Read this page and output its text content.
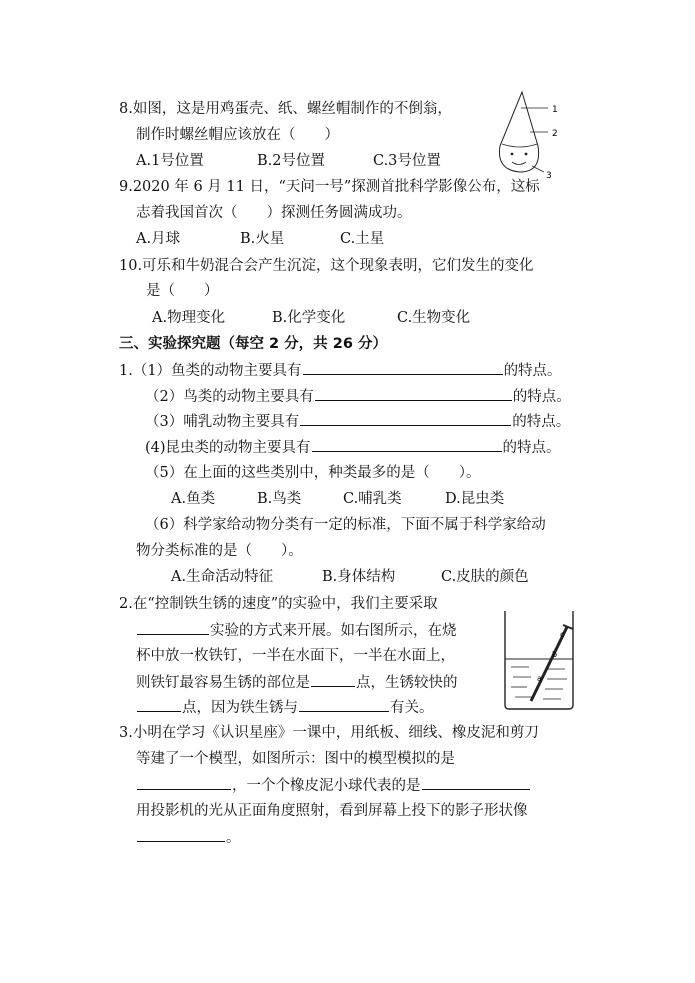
8.如图，这是用鸡蛋壳、纸、螺丝帽制作的不倒翁，
制作时螺丝帽应该放在（　　）
A.1号位置	B.2号位置	C.3号位置
1
2
3
9.2020 年 6 月 11 日，“天问一号”探测首批科学影像公布，这标
志着我国首次（　　）探测任务圆满成功。
A.月球	B.火星	C.土星
10.可乐和牛奶混合会产生沉淀，这个现象表明，它们发生的变化
是（　　）
A.物理变化	B.化学变化	C.生物变化
三、实验探究题（每空 2 分，共 26 分）
1.（1）鱼类的动物主要具有	的特点。
（2）鸟类的动物主要具有	的特点。
（3）哺乳动物主要具有	的特点。
(4)昆虫类的动物主要具有	的特点。
（5）在上面的这些类别中，种类最多的是（　　）。
A.鱼类	B.鸟类	C.哺乳类	D.昆虫类
（6）科学家给动物分类有一定的标准，下面不属于科学家给动
物分类标准的是（　　）。
A.生命活动特征	B.身体结构	C.皮肤的颜色
2.在“控制铁生锈的速度”的实验中，我们主要采取
实验的方式来开展。如右图所示，在烧
杯中放一枚铁钉，一半在水面下，一半在水面上，
则铁钉最容易生锈的部位是	点，生锈较快的
点，因为铁生锈与	有关。
c
b
a
3.小明在学习《认识星座》一课中，用纸板、细线、橡皮泥和剪刀
等建了一个模型，如图所示：图中的模型模拟的是
，一个个橡皮泥小球代表的是
用投影机的光从正面角度照射，看到屏幕上投下的影子形状像
。
